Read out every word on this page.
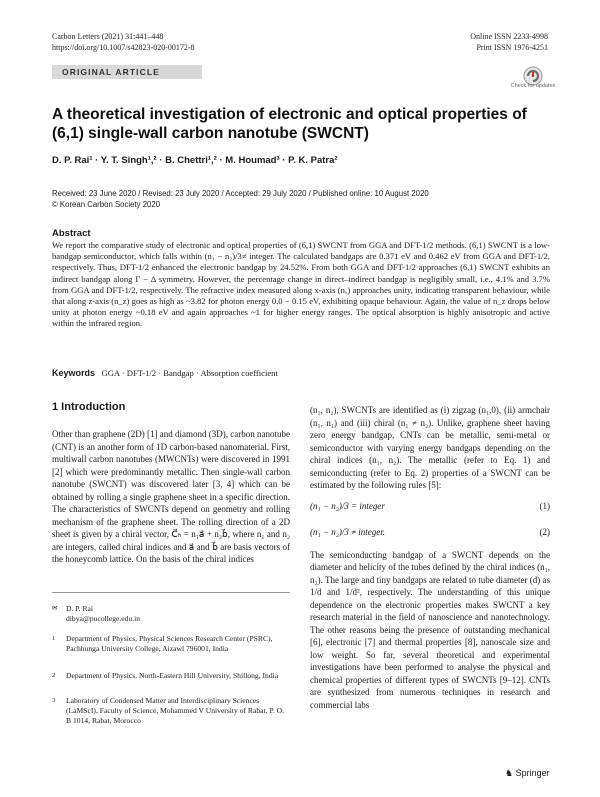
Carbon Letters (2021) 31:441–448
https://doi.org/10.1007/s42823-020-00172-8
Online ISSN 2233-4998
Print ISSN 1976-4251
ORIGINAL ARTICLE
Check for updates
A theoretical investigation of electronic and optical properties of (6,1) single-wall carbon nanotube (SWCNT)
D. P. Rai¹ · Y. T. Singh¹,² · B. Chettri¹,² · M. Houmad³ · P. K. Patra²
Received: 23 June 2020 / Revised: 23 July 2020 / Accepted: 29 July 2020 / Published online: 10 August 2020
© Korean Carbon Society 2020
Abstract
We report the comparative study of electronic and optical properties of (6,1) SWCNT from GGA and DFT-1/2 methods. (6,1) SWCNT is a low-bandgap semiconductor, which falls within (n₁ − n₂)/3≠ integer. The calculated bandgaps are 0.371 eV and 0.462 eV from GGA and DFT-1/2, respectively. Thus, DFT-1/2 enhanced the electronic bandgap by 24.52%. From both GGA and DFT-1/2 approaches (6,1) SWCNT exhibits an indirect bandgap along Γ − Δ symmetry. However, the percentage change in direct–indirect bandgap is negligibly small, i.e., 4.1% and 3.7% from GGA and DFT-1/2, respectively. The refractive index measured along x-axis (nₓ) approaches unity, indicating transparent behaviour, while that along z-axis (n_z) goes as high as ~3.82 for photon energy 0.0 − 0.15 eV, exhibiting opaque behaviour. Again, the value of n_z drops below unity at photon energy ~0.18 eV and again approaches ~1 for higher energy ranges. The optical absorption is highly anisotropic and active within the infrared region.
Keywords GGA · DFT-1/2 · Bandgap · Absorption coefficient
1 Introduction
Other than graphene (2D) [1] and diamond (3D), carbon nanotube (CNT) is an another form of 1D carbon-based nanomaterial. First, multiwall carbon nanotubes (MWCNTs) were discovered in 1991 [2] which were predominantly metallic. Then single-wall carbon nanotube (SWCNT) was discovered later [3, 4] which can be obtained by rolling a single graphene sheet in a specific direction. The characteristics of SWCNTs depend on geometry and rolling mechanism of the graphene sheet. The rolling direction of a 2D sheet is given by a chiral vector, C⃗ₕ = n₁a⃗ + n₂b⃗, where n₁ and n₂ are integers, called chiral indices and a⃗ and b⃗ are basis vectors of the honeycomb lattice. On the basis of the chiral indices
(n₁, n₂), SWCNTs are identified as (i) zigzag (n₁,0), (ii) armchair (n₁, n₁) and (iii) chiral (n₁ ≠ n₂). Unlike, graphene sheet having zero energy bandgap, CNTs can be metallic, semi-metal or semiconductor with varying energy bandgaps depending on the chiral indices (n₁, n₂). The metallic (refer to Eq. 1) and semiconducting (refer to Eq. 2) properties of a SWCNT can be estimated by the following rules [5]:
(n₁ − n₂)/3 = integer	(1)
(n₁ − n₂)/3 ≠ integer.	(2)
The semiconducting bandgap of a SWCNT depends on the diameter and helicity of the tubes defined by the chiral indices (n₁, n₂). The large and tiny bandgaps are related to tube diameter (d) as 1/d and 1/d², respectively. The understanding of this unique dependence on the electronic properties makes SWCNT a key research material in the field of nanoscience and nanotechnology. The other reasons being the presence of outstanding mechanical [6], electronic [7] and thermal properties [8], nanoscale size and low weight. So far, several theoretical and experimental investigations have been performed to analyse the physical and chemical properties of different types of SWCNTs [9–12]. CNTs are synthesized from numerous techniques in research and commercial labs
✉ D. P. Rai
dibya@pucollege.edu.in
1 Department of Physics, Physical Sciences Research Center (PSRC), Pachhunga University College, Aizawl 796001, India
2 Department of Physics, North-Eastern Hill University, Shillong, India
3 Laboratory of Condensed Matter and Interdisciplinary Sciences (LaMScI), Faculty of Science, Mohammed V University of Rabat, P. O. B 1014, Rabat, Morocco
♞ Springer
